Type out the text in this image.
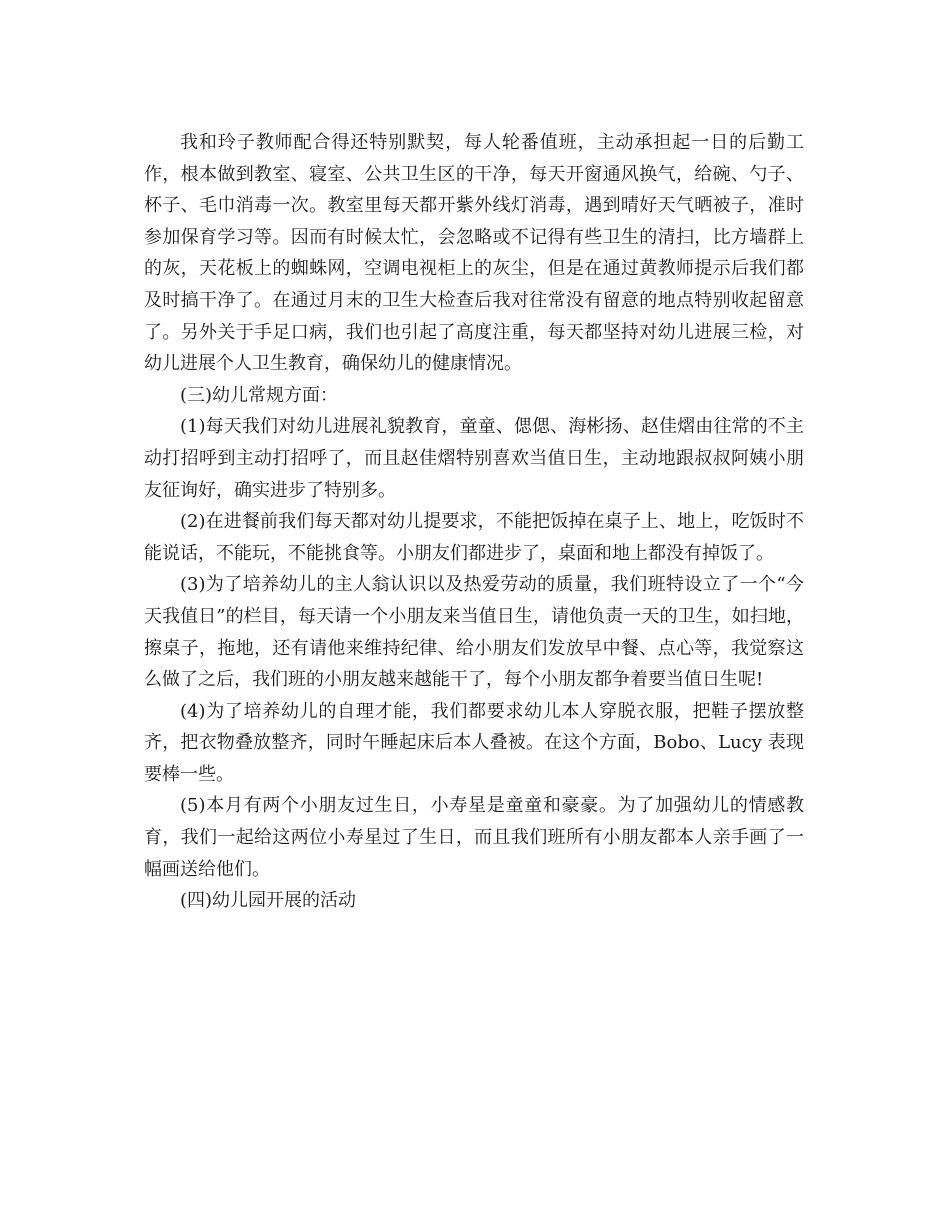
我和玲子教师配合得还特别默契，每人轮番值班，主动承担起一日的后勤工作，根本做到教室、寝室、公共卫生区的干净，每天开窗通风换气，给碗、勺子、杯子、毛巾消毒一次。教室里每天都开紫外线灯消毒，遇到晴好天气晒被子，准时参加保育学习等。因而有时候太忙，会忽略或不记得有些卫生的清扫，比方墙群上的灰，天花板上的蜘蛛网，空调电视柜上的灰尘，但是在通过黄教师提示后我们都及时搞干净了。在通过月末的卫生大检查后我对往常没有留意的地点特别收起留意了。另外关于手足口病，我们也引起了高度注重，每天都坚持对幼儿进展三检，对幼儿进展个人卫生教育，确保幼儿的健康情况。

(三)幼儿常规方面：

(1)每天我们对幼儿进展礼貌教育，童童、偲偲、海彬扬、赵佳熠由往常的不主动打招呼到主动打招呼了，而且赵佳熠特别喜欢当值日生，主动地跟叔叔阿姨小朋友征询好，确实进步了特别多。

(2)在进餐前我们每天都对幼儿提要求，不能把饭掉在桌子上、地上，吃饭时不能说话，不能玩，不能挑食等。小朋友们都进步了，桌面和地上都没有掉饭了。

(3)为了培养幼儿的主人翁认识以及热爱劳动的质量，我们班特设立了一个“今天我值日”的栏目，每天请一个小朋友来当值日生，请他负责一天的卫生，如扫地，擦桌子，拖地，还有请他来维持纪律、给小朋友们发放早中餐、点心等，我觉察这么做了之后，我们班的小朋友越来越能干了，每个小朋友都争着要当值日生呢!

(4)为了培养幼儿的自理才能，我们都要求幼儿本人穿脱衣服，把鞋子摆放整齐，把衣物叠放整齐，同时午睡起床后本人叠被。在这个方面，Bobo、Lucy 表现要棒一些。

(5)本月有两个小朋友过生日，小寿星是童童和豪豪。为了加强幼儿的情感教育，我们一起给这两位小寿星过了生日，而且我们班所有小朋友都本人亲手画了一幅画送给他们。

(四)幼儿园开展的活动
